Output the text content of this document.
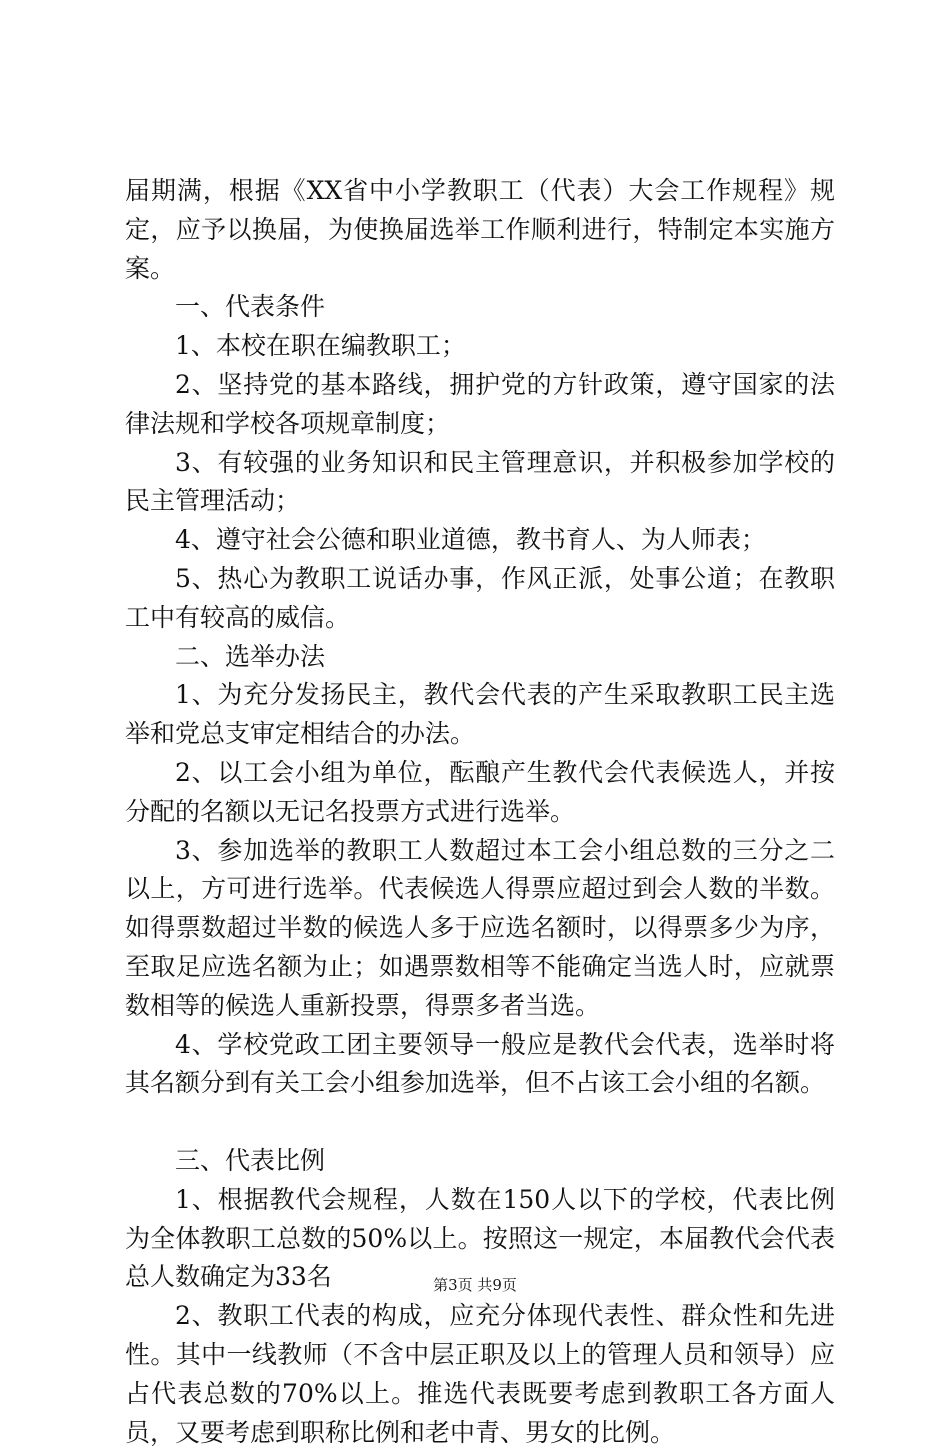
届期满，根据《XX省中小学教职工（代表）大会工作规程》规定，应予以换届，为使换届选举工作顺利进行，特制定本实施方案。

一、代表条件

1、本校在职在编教职工；

2、坚持党的基本路线，拥护党的方针政策，遵守国家的法律法规和学校各项规章制度；

3、有较强的业务知识和民主管理意识，并积极参加学校的民主管理活动；

4、遵守社会公德和职业道德，教书育人、为人师表；

5、热心为教职工说话办事，作风正派，处事公道；在教职工中有较高的威信。

二、选举办法

1、为充分发扬民主，教代会代表的产生采取教职工民主选举和党总支审定相结合的办法。

2、以工会小组为单位，酝酿产生教代会代表候选人，并按分配的名额以无记名投票方式进行选举。

3、参加选举的教职工人数超过本工会小组总数的三分之二以上，方可进行选举。代表候选人得票应超过到会人数的半数。如得票数超过半数的候选人多于应选名额时，以得票多少为序，至取足应选名额为止；如遇票数相等不能确定当选人时，应就票数相等的候选人重新投票，得票多者当选。

4、学校党政工团主要领导一般应是教代会代表，选举时将其名额分到有关工会小组参加选举，但不占该工会小组的名额。

三、代表比例

1、根据教代会规程，人数在150人以下的学校，代表比例为全体教职工总数的50%以上。按照这一规定，本届教代会代表总人数确定为33名

2、教职工代表的构成，应充分体现代表性、群众性和先进性。其中一线教师（不含中层正职及以上的管理人员和领导）应占代表总数的70%以上。推选代表既要考虑到教职工各方面人员，又要考虑到职称比例和老中青、男女的比例。

第3页 共9页
